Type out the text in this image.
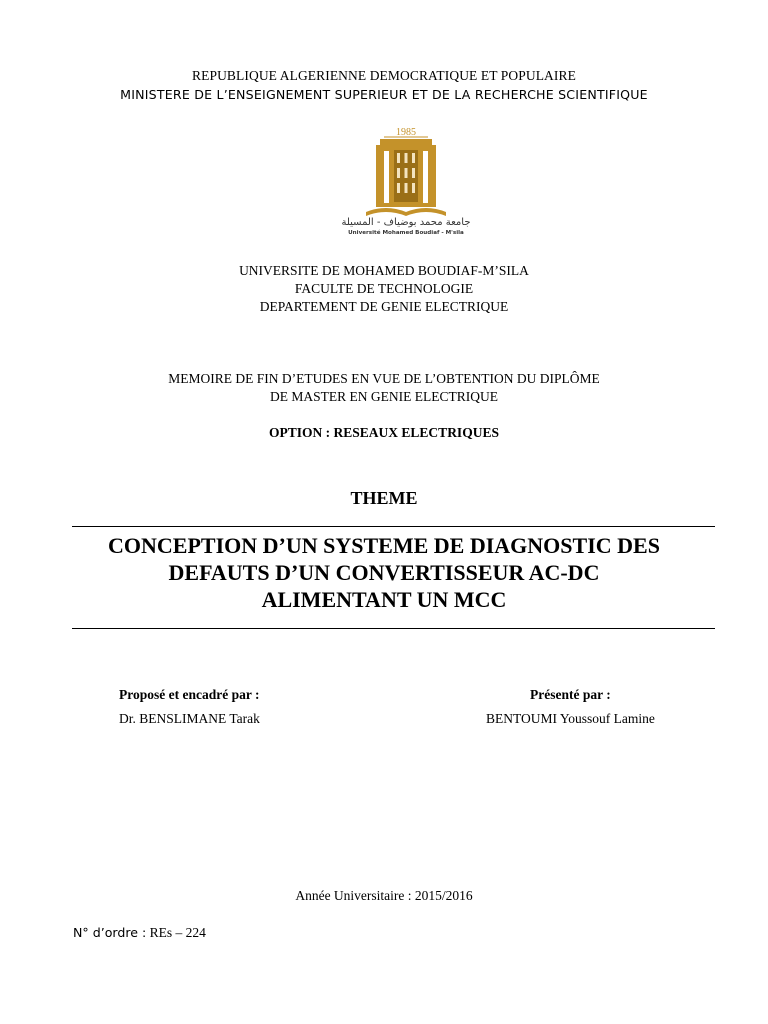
REPUBLIQUE ALGERIENNE DEMOCRATIQUE ET POPULAIRE
MINISTERE DE L’ENSEIGNEMENT SUPERIEUR ET DE LA RECHERCHE SCIENTIFIQUE
1985
جامعة محمد بوضياف - المسيلة
Université Mohamed Boudiaf - M'sila
UNIVERSITE DE MOHAMED BOUDIAF-M’SILA
FACULTE DE TECHNOLOGIE
DEPARTEMENT DE GENIE ELECTRIQUE
MEMOIRE DE FIN D’ETUDES EN VUE DE L’OBTENTION DU DIPLÔME
DE MASTER EN GENIE ELECTRIQUE
OPTION : RESEAUX ELECTRIQUES
THEME
CONCEPTION D’UN SYSTEME DE DIAGNOSTIC DES
DEFAUTS D’UN CONVERTISSEUR AC-DC
ALIMENTANT UN MCC
Proposé et encadré par :
Dr. BENSLIMANE Tarak
Présenté par :
BENTOUMI Youssouf Lamine
Année Universitaire : 2015/2016
N° d’ordre : REs – 224
